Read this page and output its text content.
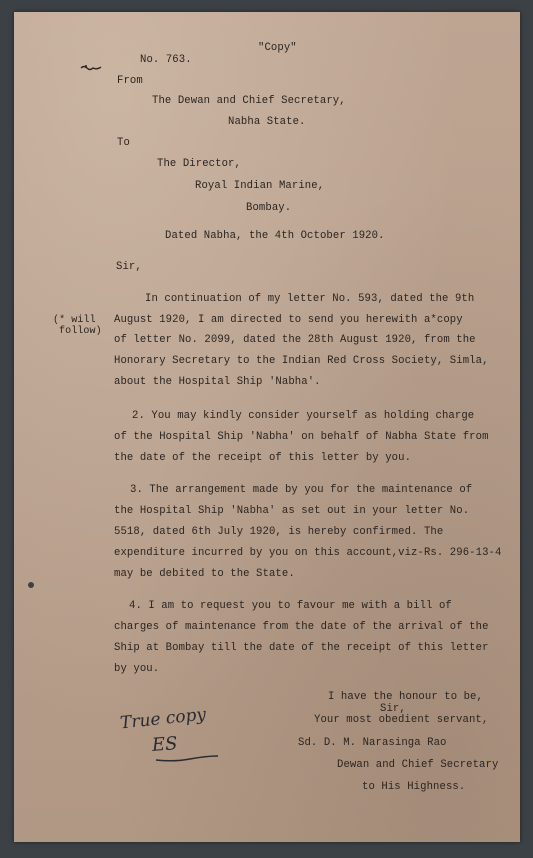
"Copy"
No. 763.
From
The Dewan and Chief Secretary,
Nabha State.
To
The Director,
Royal Indian Marine,
Bombay.
Dated Nabha, the 4th October 1920.
Sir,
(* will
follow)
In continuation of my letter No. 593, dated the 9th
August 1920, I am directed to send you herewith a*copy
of letter No. 2099, dated the 28th August 1920, from the
Honorary Secretary to the Indian Red Cross Society, Simla,
about the Hospital Ship 'Nabha'.
2. You may kindly consider yourself as holding charge
of the Hospital Ship 'Nabha' on behalf of Nabha State from
the date of the receipt of this letter by you.
3. The arrangement made by you for the maintenance of
the Hospital Ship 'Nabha' as set out in your letter No.
5518, dated 6th July 1920, is hereby confirmed. The
expenditure incurred by you on this account,viz-Rs. 296-13-4
may be debited to the State.
4. I am to request you to favour me with a bill of
charges of maintenance from the date of the arrival of the
Ship at Bombay till the date of the receipt of this letter
by you.
I have the honour to be,
Sir,
Your most obedient servant,
Sd. D. M. Narasinga Rao
Dewan and Chief Secretary
to His Highness.
True copy
ES
